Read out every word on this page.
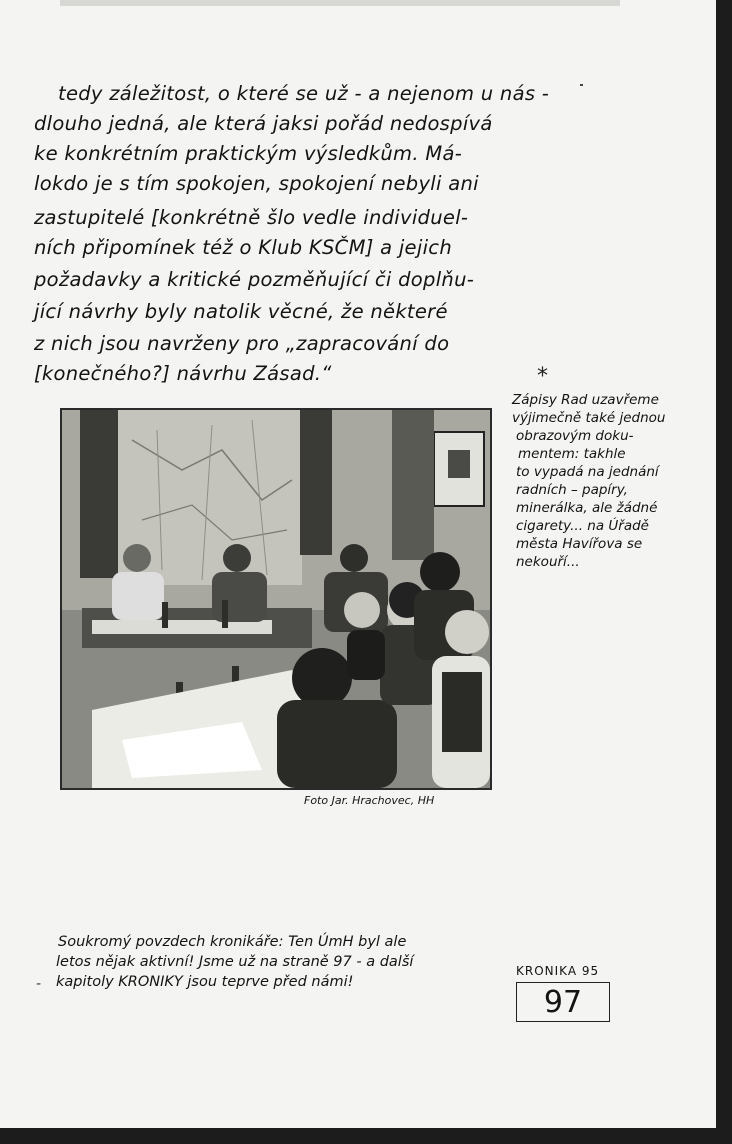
tedy záležitost, o které se už - a nejenom u nás -
dlouho jedná, ale která jaksi pořád nedospívá
ke konkrétním praktickým výsledkům. Má-
lokdo je s tím spokojen, spokojení nebyli ani
zastupitelé [konkrétně šlo vedle individuel-
ních připomínek též o Klub KSČM] a jejich
požadavky a kritické pozměňující či doplňu-
jící návrhy byly natolik věcné, že některé
z nich jsou navrženy pro „zapracování do
[konečného?] návrhu Zásad.“
Foto Jar. Hrachovec, HH
*
Zápisy Rad uzavřeme
výjimečně také jednou
obrazovým doku-
mentem: takhle
to vypadá na jednání
radních – papíry,
minerálka, ale žádné
cigarety... na Úřadě
města Havířova se
nekouří...
-
Soukromý povzdech kronikáře: Ten ÚmH byl ale
letos nějak aktivní! Jsme už na straně 97 - a další
kapitoly KRONIKY jsou teprve před námi!
KRONIKA 95
97
